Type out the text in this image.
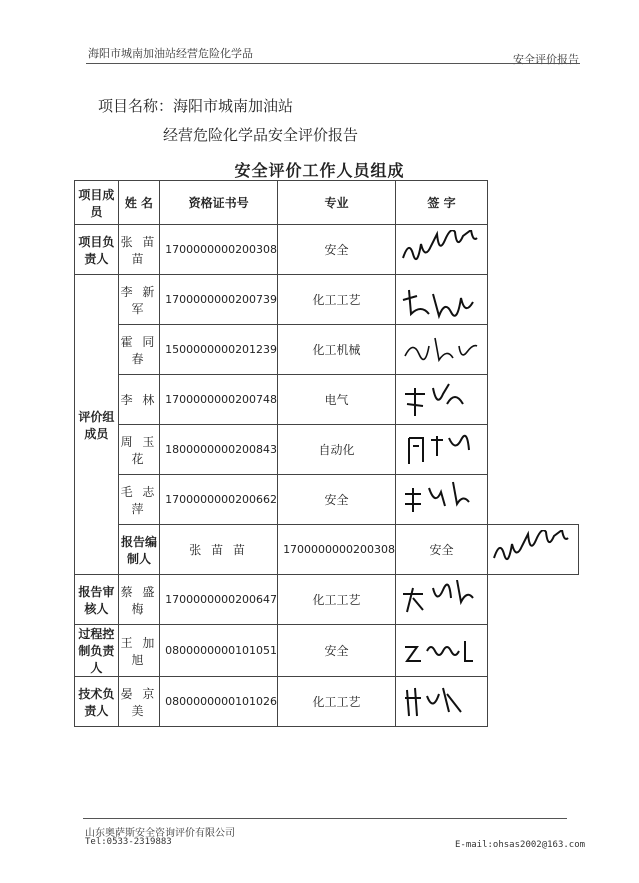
海阳市城南加油站经营危险化学品	安全评价报告
项目名称：海阳市城南加油站
经营危险化学品安全评价报告
安全评价工作人员组成
项目成员	姓 名	资格证书号	专业	签 字	
项目负责人	张 苗 苗	1700000000200308	安全	

评价组成员	李 新 军	1700000000200739	化工工艺	

	霍 同 春	1500000000201239	化工机械	

	李 林	1700000000200748	电气	

	周 玉 花	1800000000200843	自动化	

	毛 志 萍	1700000000200662	安全	

	报告编制人	张 苗 苗	1700000000200308	安全	

报告审核人	蔡 盛 梅	1700000000200647	化工工艺	

过程控制负责人	王 加 旭	0800000000101051	安全	

技术负责人	晏 京 美	0800000000101026	化工工艺	
山东奥萨斯安全咨询评价有限公司
Tel:0533-2319883	E-mail:ohsas2002@163.com
